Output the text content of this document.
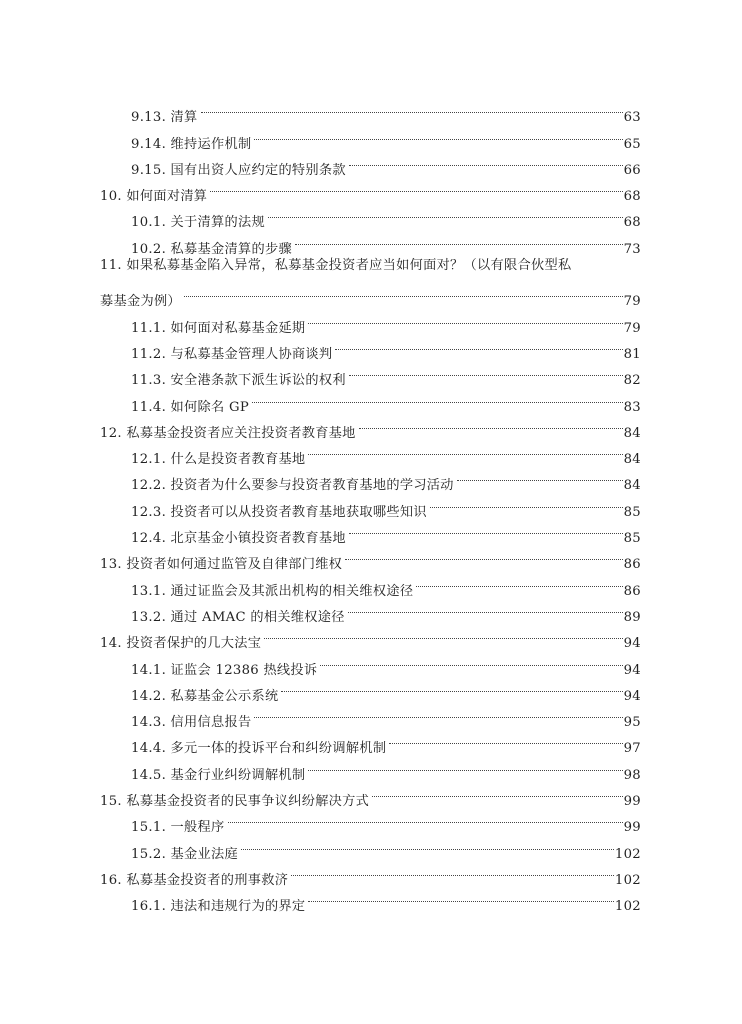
9.13. 清算	63
9.14. 维持运作机制	65
9.15. 国有出资人应约定的特别条款	66
10. 如何面对清算	68
10.1. 关于清算的法规	68
10.2. 私募基金清算的步骤	73
11. 如果私募基金陷入异常，私募基金投资者应当如何面对？（以有限合伙型私
募基金为例）	79
11.1. 如何面对私募基金延期	79
11.2. 与私募基金管理人协商谈判	81
11.3. 安全港条款下派生诉讼的权利	82
11.4. 如何除名 GP	83
12. 私募基金投资者应关注投资者教育基地	84
12.1. 什么是投资者教育基地	84
12.2. 投资者为什么要参与投资者教育基地的学习活动	84
12.3. 投资者可以从投资者教育基地获取哪些知识	85
12.4. 北京基金小镇投资者教育基地	85
13. 投资者如何通过监管及自律部门维权	86
13.1. 通过证监会及其派出机构的相关维权途径	86
13.2. 通过 AMAC 的相关维权途径	89
14. 投资者保护的几大法宝	94
14.1. 证监会 12386 热线投诉	94
14.2. 私募基金公示系统	94
14.3. 信用信息报告	95
14.4. 多元一体的投诉平台和纠纷调解机制	97
14.5. 基金行业纠纷调解机制	98
15. 私募基金投资者的民事争议纠纷解决方式	99
15.1. 一般程序	99
15.2. 基金业法庭	102
16. 私募基金投资者的刑事救济	102
16.1. 违法和违规行为的界定	102
